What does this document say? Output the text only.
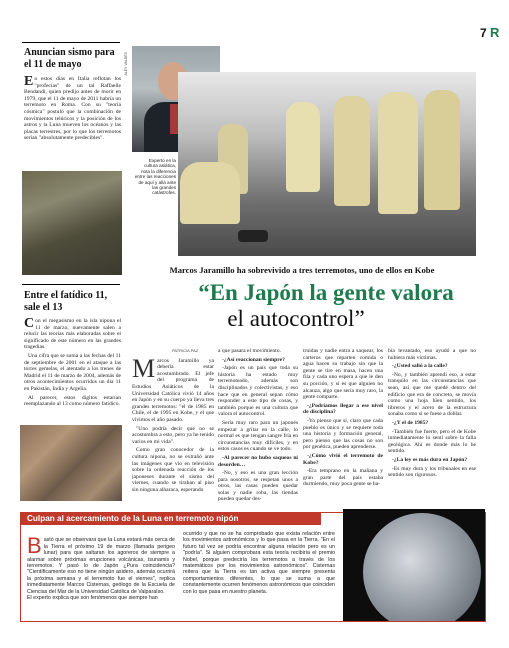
7 R
Anuncian sismo para el 11 de mayo
E n estos días en Italia reflotan los "profecías" de un tal Raffaelle Bendandi, quien predijo antes de morir en 1979, que el 11 de mayo de 2011 habría un terremoto en Roma. Con su "teoría cósmica" postuló que la combinación de movimientos telúricos y la posición de los astros y la Luna mueven los océanos y las placas terrestres, por lo que los terremotos serían "absolutamente predecibles".
ALEX VALDÉS
Experto en la cultura asiática, nota la diferencia entre las reacciones de aquí y allá ante las grandes catástrofes.
Marcos Jaramillo ha sobrevivido a tres terremotos, uno de ellos en Kobe
“En Japón la gente valora
el autocontrol”
Entre el fatídico 11, sale el 13

Con el megasismo en la isla nipona el 11 de marzo, nuevamente salen a relucir las teorías más elaboradas sobre el significado de este número en las grandes tragedias.

Una cifra que se suma a las fechas del 11 de septiembre de 2001 en el ataque a las torres gemelas, el atentado a los trenes de Madrid el 11 de marzo de 2004, además de otros acontecimientos ocurridos un día 11 en Pakistán, India y Argelia.

Al parecer, estos dígitos estarían reemplazando al 13 como número fatídico.

PATRICIA PAZ

Marcos Jaramillo ya debería estar acostumbrado. El jefe del programa de Estudios Asiáticos de la Universidad Católica vivió 14 años en Japón y en su cuerpo ya lleva tres grandes terremotos: "el de 1985 en Chile, el de 1995 en Kobe, y el que vivimos el año pasado.

"Uno podría decir que no se acostumbra a esto, pero ya he tenido varios en mi vida".

Como gran conocedor de la cultura nipona, no se extrañó ante las imágenes que vio en televisión sobre la ordenada reacción de los japoneses durante el sismo del viernes, cuando se tiraban al piso sin ninguna alharaca, esperando

a que pasara el movimiento.

-¿Así reaccionan siempre?

-Japón es un país que toda su historia ha estado muy terremoteado, además son disciplinados y colectivistas, y eso hace que en general sepan cómo responder a este tipo de cosas, y también porque es una cultura que valora el autocontrol.

Sería muy raro para un japonés empezar a gritar en la calle, lo normal es que tengan sangre fría en circunstancias muy difíciles, y en estos casos es cuando se ve todo.

-Al parecer no hubo saqueos ni desorden…

-No, y eso es una gran lección para nosotros, se respetan unos a otros, las casas pueden quedar solas y nadie roba, las tiendas pueden quedar des-

truidas y nadie entra a saquear, los carteros que reparten comida o agua hacen su trabajo sin que la gente se tire en masa, hacen una fila y cada uno espera a que le den su porción, y si es que alguien no alcanza, algo que sería muy raro, la gente comparte.

-¿Podríamos llegar a ese nivel de disciplina?

-Yo pienso que sí, claro que cada pueblo es único y se requiere toda una historia y formación general, pero pienso que las cosas no son por genética, pueden aprenderse.

-¿Cómo vivió el terremoto de Kobe?

-Era temprano en la mañana y gran parte del país estaba durmiendo, muy poca gente se ha-

bía levantado, eso ayudó a que no hubiera más víctimas.

-¿Usted salió a la calle?

-No, y también aprendí eso, a estar tranquilo en las circunstancias que sean, así que me quedé dentro del edificio que era de concreto, se movía como una hoja bien sentido, los libreros y el acero de la estructura sonaba como si se fuese a doblar.

-¿Y el de 1985?

-También fue fuerte, pero el de Kobe inmediatamente lo sentí sobre la falla geológica. Ahí es donde más lo he sentido.

-¿La ley es más dura en Japón?

-Es muy dura y los tribunales en ese sentido son rigurosos.

Culpan al acercamiento de la Luna en terremoto nipón

Bastó que se observara que la Luna estará más cerca de la Tierra el próximo 19 de marzo (llamada perigeo lunar) para que saltaran los agoreros de siempre a alarmar sobre próximas erupciones volcánicas, tsunamis y terremotos. Y pasó lo de Japón ¿Pura coincidencia? "Científicamente eso no tiene ningún asidero, además ocurrirá la próxima semana y el terremoto fue el viernes", replica inmediatamente Marcos Cisternas, geólogo de la Escuela de Ciencias del Mar de la Universidad Católica de Valparaíso.
El experto explica que son fenómenos que siempre han

ocurrido y que no se ha comprobado que exista relación entre los movimientos astronómicos y lo que pasa en la Tierra. "En el futuro tal vez se podría encontrar alguna relación pero es un "podría". Si alguien comprobara esta teoría recibiría el premio Nobel, porque predeciría los terremotos a través de los matemáticos por los movimientos astronómicos". Cisternas reitera que la Tierra es tan activa que siempre presenta comportamientos diferentes, lo que se suma a que constantemente ocurren fenómenos astronómicos que coinciden con lo que pasa en nuestro planeta.
